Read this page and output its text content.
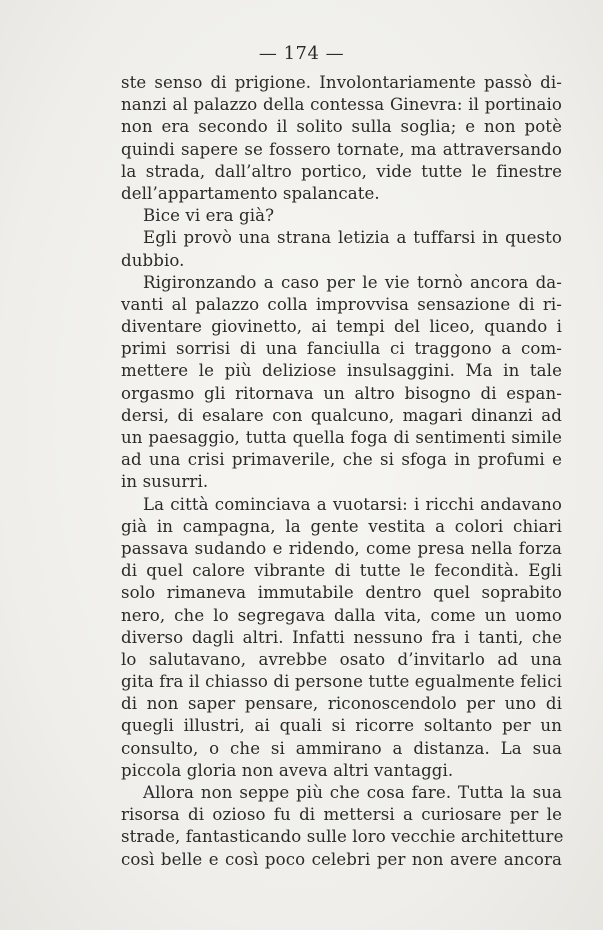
— 174 —
ste senso di prigione. Involontariamente passò di-
nanzi al palazzo della contessa Ginevra: il portinaio
non era secondo il solito sulla soglia; e non potè
quindi sapere se fossero tornate, ma attraversando
la strada, dall’altro portico, vide tutte le finestre
dell’appartamento spalancate.
Bice vi era già?
Egli provò una strana letizia a tuffarsi in questo
dubbio.
Rigironzando a caso per le vie tornò ancora da-
vanti al palazzo colla improvvisa sensazione di ri-
diventare giovinetto, ai tempi del liceo, quando i
primi sorrisi di una fanciulla ci traggono a com-
mettere le più deliziose insulsaggini. Ma in tale
orgasmo gli ritornava un altro bisogno di espan-
dersi, di esalare con qualcuno, magari dinanzi ad
un paesaggio, tutta quella foga di sentimenti simile
ad una crisi primaverile, che si sfoga in profumi e
in susurri.
La città cominciava a vuotarsi: i ricchi andavano
già in campagna, la gente vestita a colori chiari
passava sudando e ridendo, come presa nella forza
di quel calore vibrante di tutte le fecondità. Egli
solo rimaneva immutabile dentro quel soprabito
nero, che lo segregava dalla vita, come un uomo
diverso dagli altri. Infatti nessuno fra i tanti, che
lo salutavano, avrebbe osato d’invitarlo ad una
gita fra il chiasso di persone tutte egualmente felici
di non saper pensare, riconoscendolo per uno di
quegli illustri, ai quali si ricorre soltanto per un
consulto, o che si ammirano a distanza. La sua
piccola gloria non aveva altri vantaggi.
Allora non seppe più che cosa fare. Tutta la sua
risorsa di ozioso fu di mettersi a curiosare per le
strade, fantasticando sulle loro vecchie architetture
così belle e così poco celebri per non avere ancora
